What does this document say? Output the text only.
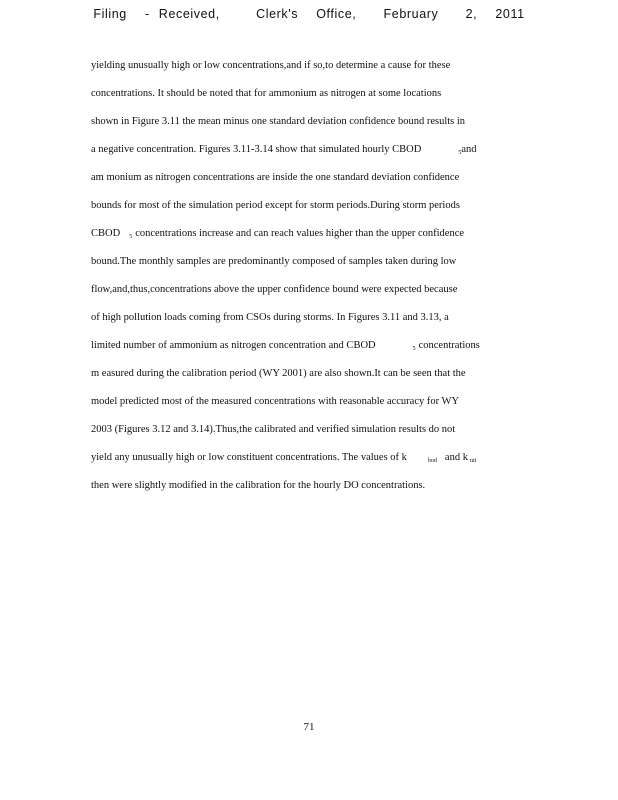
Filing  - Received,    Clerk's  Office,   February   2,  2011
yielding unusually high or low concentrations,and if so,to determine a cause for these
concentrations. It should be noted that for ammonium as nitrogen at some locations
shown in Figure 3.11 the mean minus one standard deviation confidence bound results in
a negative concentration. Figures 3.11-3.14 show that simulated hourly CBOD	$_5$and
am monium as nitrogen concentrations are inside the one standard deviation confidence
bounds for most of the simulation period except for storm periods.During storm periods
CBOD $_5$ concentrations increase and can reach values higher than the upper confidence
bound.The monthly samples are predominantly composed of samples taken during low
flow,and,thus,concentrations above the upper confidence bound were expected because
of high pollution loads coming from CSOs during storms. In Figures 3.11 and 3.13, a
limited number of ammonium as nitrogen concentration and CBOD	$_5$ concentrations
m easured during the calibration period (WY 2001) are also shown.It can be seen that the
model predicted most of the measured concentrations with reasonable accuracy for WY
2003 (Figures 3.12 and 3.14).Thus,the calibrated and verified simulation results do not
yield any unusually high or low constituent concentrations. The values of k	$_{bod}$ and k $_{nit}$
then were slightly modified in the calibration for the hourly DO concentrations.
71
